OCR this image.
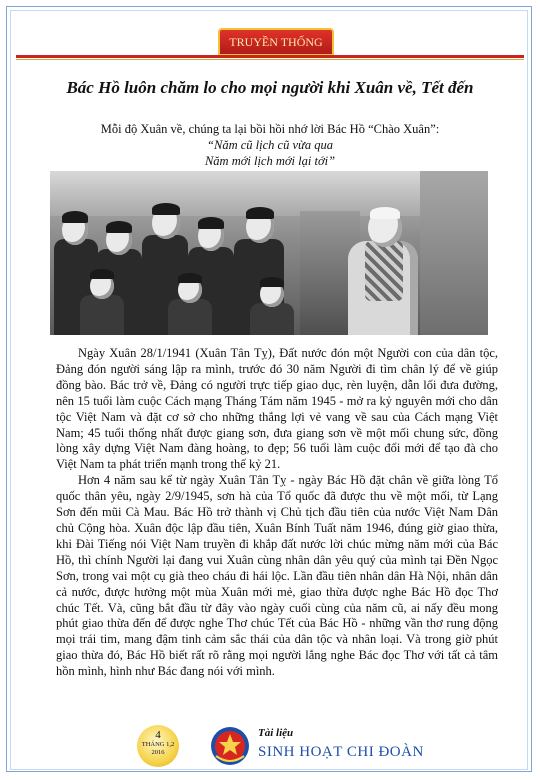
TRUYỀN THỐNG
Bác Hồ luôn chăm lo cho mọi người khi Xuân về, Tết đến
Mỗi độ Xuân về, chúng ta lại bồi hồi nhớ lời Bác Hồ “Chào Xuân”:
“Năm cũ lịch cũ vừa qua
Năm mới lịch mới lại tới”

Ngày Xuân 28/1/1941 (Xuân Tân Tỵ), Đất nước đón một Người con của dân tộc, Đảng đón người sáng lập ra mình, trước đó 30 năm Người đi tìm chân lý để về giúp đồng bào. Bác trở về, Đảng có người trực tiếp giao dục, rèn luyện, dẫn lối đưa đường, nên 15 tuổi làm cuộc Cách mạng Tháng Tám năm 1945 - mở ra kỷ nguyên mới cho dân tộc Việt Nam và đặt cơ sở cho những thắng lợi vẻ vang về sau của Cách mạng Việt Nam; 45 tuổi thống nhất được giang sơn, đưa giang sơn về một mối chung sức, đồng lòng xây dựng Việt Nam đàng hoàng, to đẹp; 56 tuổi làm cuộc đổi mới để tạo đà cho Việt Nam ta phát triển mạnh trong thế kỷ 21.

Hơn 4 năm sau kể từ ngày Xuân Tân Tỵ - ngày Bác Hồ đặt chân về giữa lòng Tổ quốc thân yêu, ngày 2/9/1945, sơn hà của Tổ quốc đã được thu về một mối, từ Lạng Sơn đến mũi Cà Mau. Bác Hồ trở thành vị Chủ tịch đầu tiên của nước Việt Nam Dân chủ Cộng hòa. Xuân độc lập đầu tiên, Xuân Bính Tuất năm 1946, đúng giờ giao thừa, khi Đài Tiếng nói Việt Nam truyền đi khắp đất nước lời chúc mừng năm mới của Bác Hồ, thì chính Người lại đang vui Xuân cùng nhân dân yêu quý của mình tại Đền Ngọc Sơn, trong vai một cụ già theo cháu đi hái lộc. Lần đầu tiên nhân dân Hà Nội, nhân dân cả nước, được hưởng một mùa Xuân mới mẻ, giao thừa được nghe Bác Hồ đọc Thơ chúc Tết. Và, cũng bắt đầu từ đây vào ngày cuối cùng của năm cũ, ai nấy đều mong phút giao thừa đến để được nghe Thơ chúc Tết của Bác Hồ - những vần thơ rung động mọi trái tim, mang đậm tinh cảm sắc thái của dân tộc và nhân loại. Và trong giờ phút giao thừa đó, Bác Hồ biết rất rõ rằng mọi người lắng nghe Bác đọc Thơ với tất cả tâm hồn mình, hình như Bác đang nói với mình.

4
THÁNG 1,2
2016
Tài liệu
SINH HOẠT CHI ĐOÀN
